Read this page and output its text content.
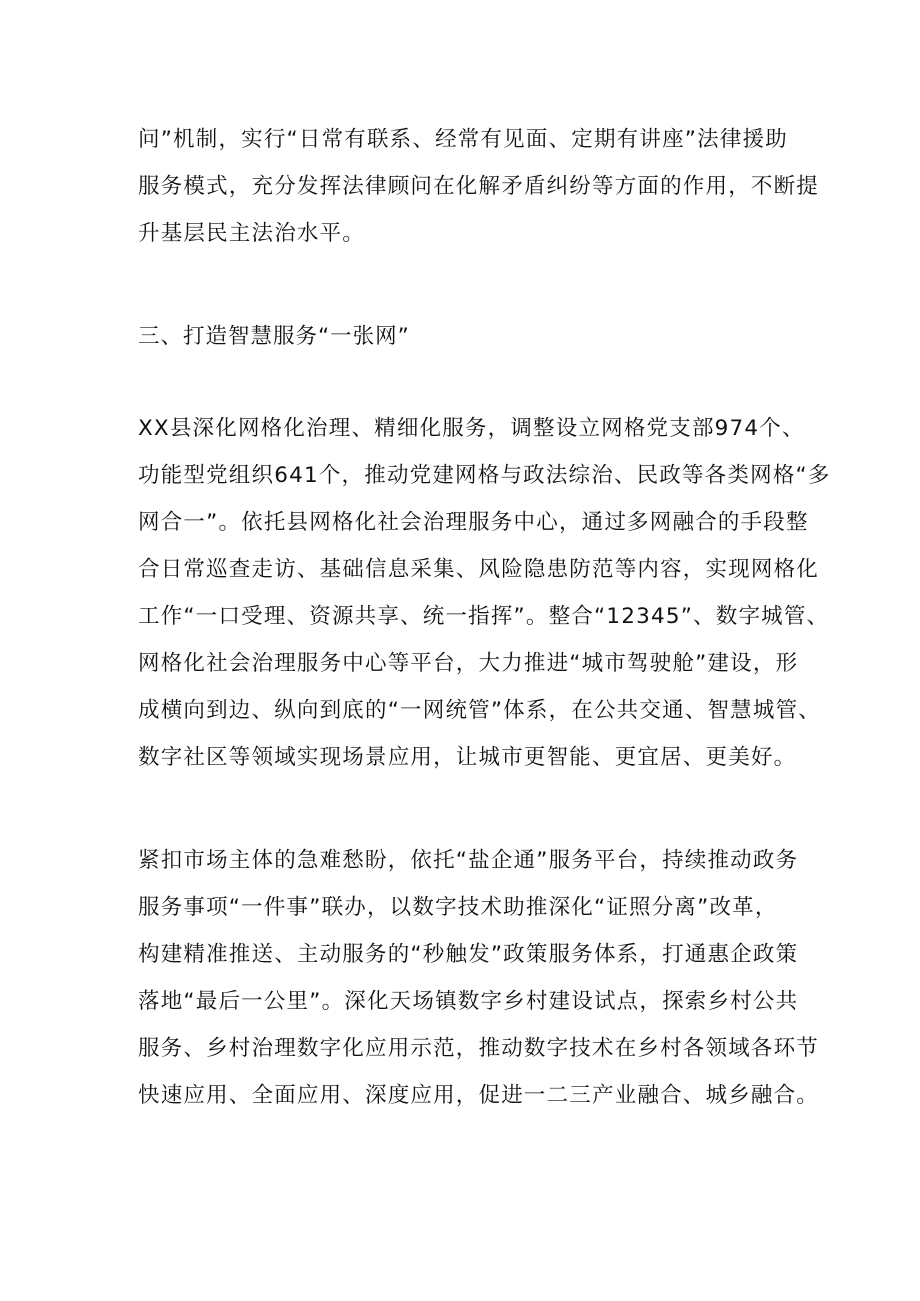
问”机制，实行“日常有联系、经常有见面、定期有讲座”法律援助
服务模式，充分发挥法律顾问在化解矛盾纠纷等方面的作用，不断提
升基层民主法治水平。
三、打造智慧服务“一张网”
XX县深化网格化治理、精细化服务，调整设立网格党支部974个、
功能型党组织641个，推动党建网格与政法综治、民政等各类网格“多
网合一”。依托县网格化社会治理服务中心，通过多网融合的手段整
合日常巡查走访、基础信息采集、风险隐患防范等内容，实现网格化
工作“一口受理、资源共享、统一指挥”。整合“12345”、数字城管、
网格化社会治理服务中心等平台，大力推进“城市驾驶舱”建设，形
成横向到边、纵向到底的“一网统管”体系，在公共交通、智慧城管、
数字社区等领域实现场景应用，让城市更智能、更宜居、更美好。
紧扣市场主体的急难愁盼，依托“盐企通”服务平台，持续推动政务
服务事项“一件事”联办，以数字技术助推深化“证照分离”改革，
构建精准推送、主动服务的“秒触发”政策服务体系，打通惠企政策
落地“最后一公里”。深化天场镇数字乡村建设试点，探索乡村公共
服务、乡村治理数字化应用示范，推动数字技术在乡村各领域各环节
快速应用、全面应用、深度应用，促进一二三产业融合、城乡融合。
